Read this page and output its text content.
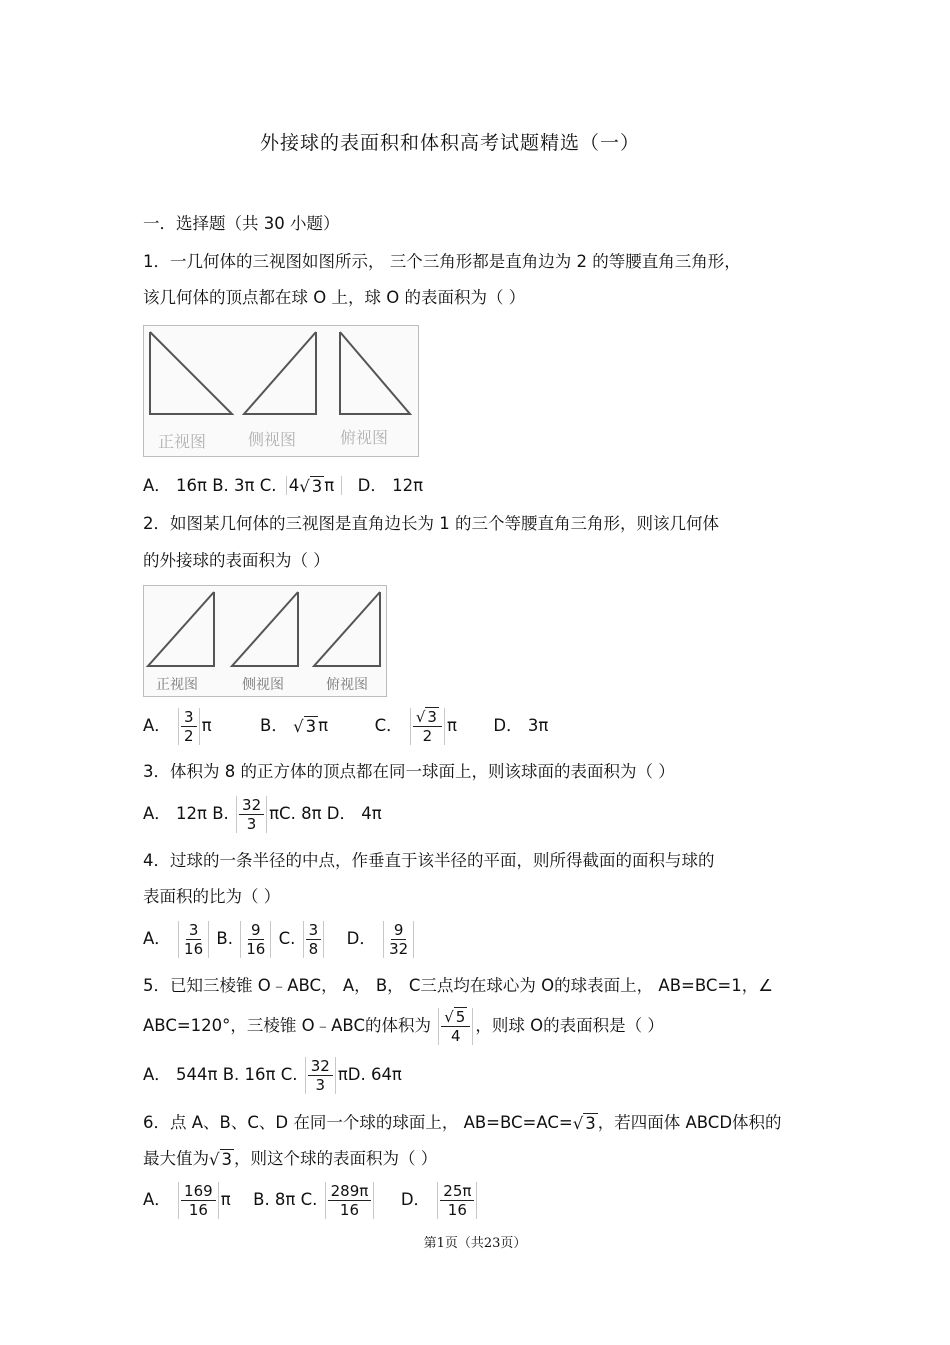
外接球的表面积和体积高考试题精选（一）
一．选择题（共 30 小题）
1．一几何体的三视图如图所示， 三个三角形都是直角边为 2 的等腰直角三角形，
该几何体的顶点都在球 O 上，球 O 的表面积为（ ）
正视图	侧视图	俯视图
A． 16π B. 3π C. 4√ 3 π D． 12π
2．如图某几何体的三视图是直角边长为 1 的三个等腰直角三角形，则该几何体
的外接球的表面积为（ ）
正视图	侧视图	俯视图
A． $\frac{3}{2}$ π	B． √ 3 π	C． $\frac{√ 3}{2}$ π D． 3π
3．体积为 8 的正方体的顶点都在同一球面上，则该球面的表面积为（ ）
A． 12π B. $\frac{32}{3} \pi C$. 8π D． 4π
4．过球的一条半径的中点，作垂直于该半径的平面，则所得截面的面积与球的
表面积的比为（ ）
A． $\frac{3}{16} B$. $\frac{9}{16} C$. $\frac{3}{8}$ D． $\frac{9}{32}$
5．已知三棱锥 O﹣ABC， A， B， C三点均在球心为 O的球表面上， AB=BC=1，∠
ABC=120°，三棱锥 O﹣ABC的体积为 $\frac{√ 5}{4}$ ，则球 O的表面积是（ ）
A． 544π B. 16π C. $\frac{32}{3} \pi D$. 64π
6．点 A、B、C、D 在同一个球的球面上， AB=BC=AC=√ 3 ，若四面体 ABCD体积的
最大值为√ 3 ，则这个球的表面积为（ ）
A． $\frac{169}{16}$ π B. 8π C. $\frac{289\pi}{16}$ D． $\frac{25\pi}{16}$
第1页（共23页）
